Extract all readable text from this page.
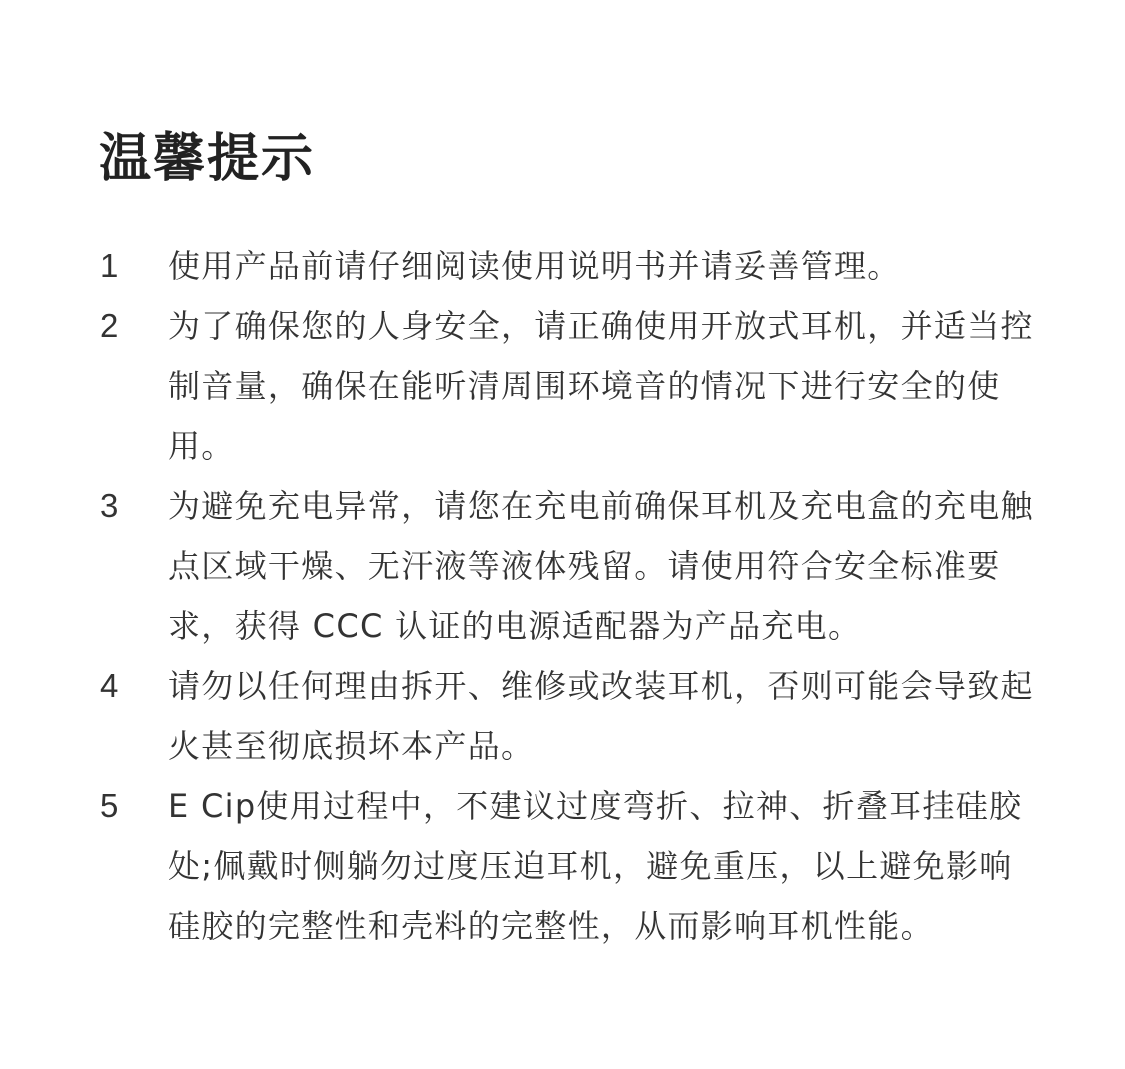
温馨提示
1	使用产品前请仔细阅读使用说明书并请妥善管理。
2	为了确保您的人身安全，请正确使用开放式耳机，并适当控制音量，确保在能听清周围环境音的情况下进行安全的使用。
3	为避免充电异常，请您在充电前确保耳机及充电盒的充电触点区域干燥、无汗液等液体残留。请使用符合安全标准要求，获得 CCC 认证的电源适配器为产品充电。
4	请勿以任何理由拆开、维修或改装耳机，否则可能会导致起火甚至彻底损坏本产品。
5	E Cip使用过程中，不建议过度弯折、拉神、折叠耳挂硅胶处;佩戴时侧躺勿过度压迫耳机，避免重压，以上避免影响硅胶的完整性和壳料的完整性，从而影响耳机性能。
